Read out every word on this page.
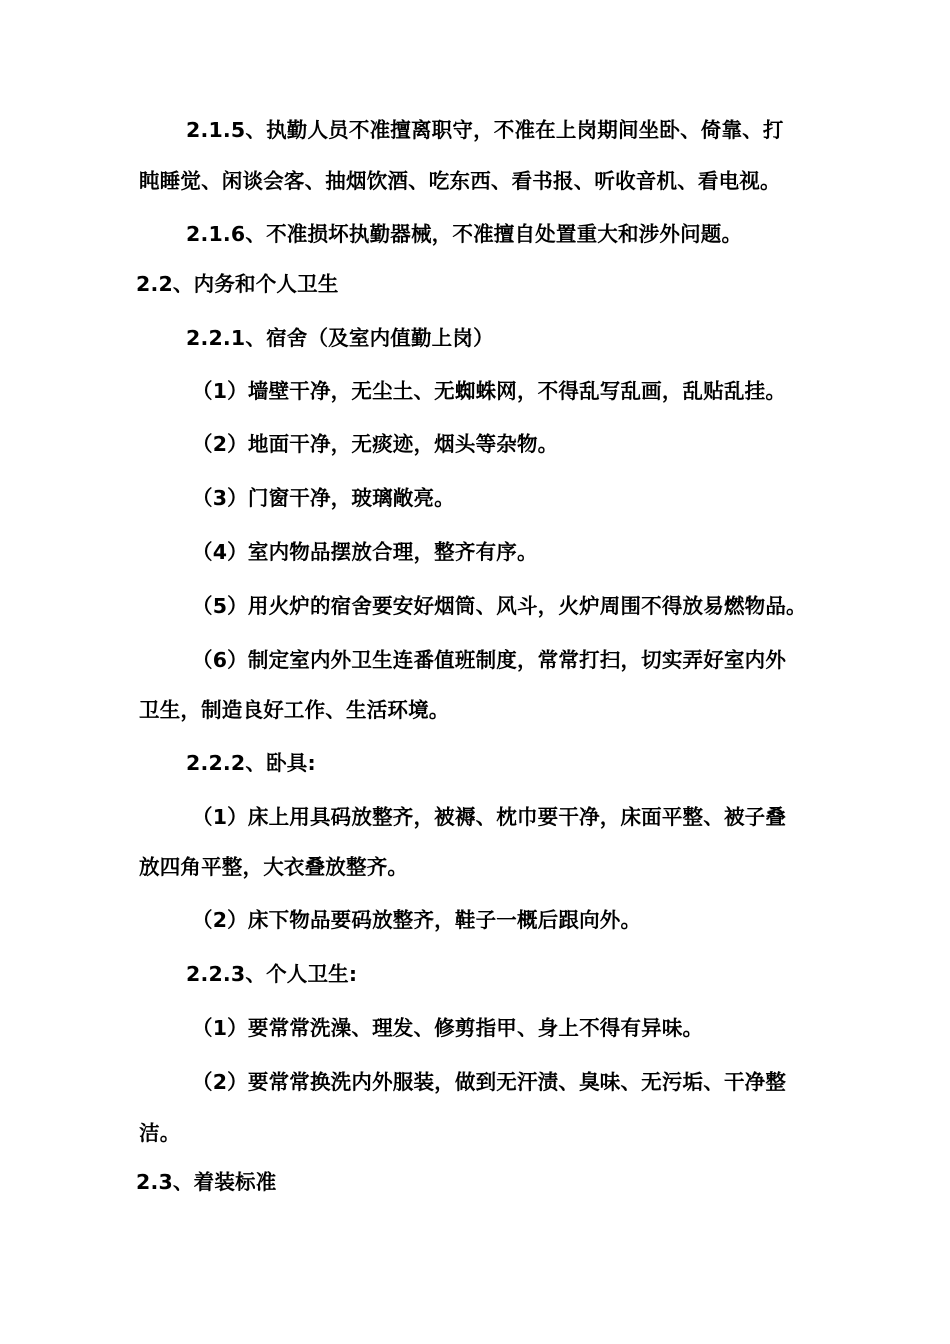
2.1.5、执勤人员不准擅离职守，不准在上岗期间坐卧、倚靠、打
盹睡觉、闲谈会客、抽烟饮酒、吃东西、看书报、听收音机、看电视。
2.1.6、不准损坏执勤器械，不准擅自处置重大和涉外问题。
2.2、内务和个人卫生
2.2.1、宿舍（及室内值勤上岗）
（1）墙壁干净，无尘土、无蜘蛛网，不得乱写乱画，乱贴乱挂。
（2）地面干净，无痰迹，烟头等杂物。
（3）门窗干净，玻璃敞亮。
（4）室内物品摆放合理，整齐有序。
（5）用火炉的宿舍要安好烟筒、风斗，火炉周围不得放易燃物品。
（6）制定室内外卫生连番值班制度，常常打扫，切实弄好室内外
卫生，制造良好工作、生活环境。
2.2.2、卧具:
（1）床上用具码放整齐，被褥、枕巾要干净，床面平整、被子叠
放四角平整，大衣叠放整齐。
（2）床下物品要码放整齐，鞋子一概后跟向外。
2.2.3、个人卫生:
（1）要常常洗澡、理发、修剪指甲、身上不得有异味。
（2）要常常换洗内外服装，做到无汗渍、臭味、无污垢、干净整
洁。
2.3、着装标准
